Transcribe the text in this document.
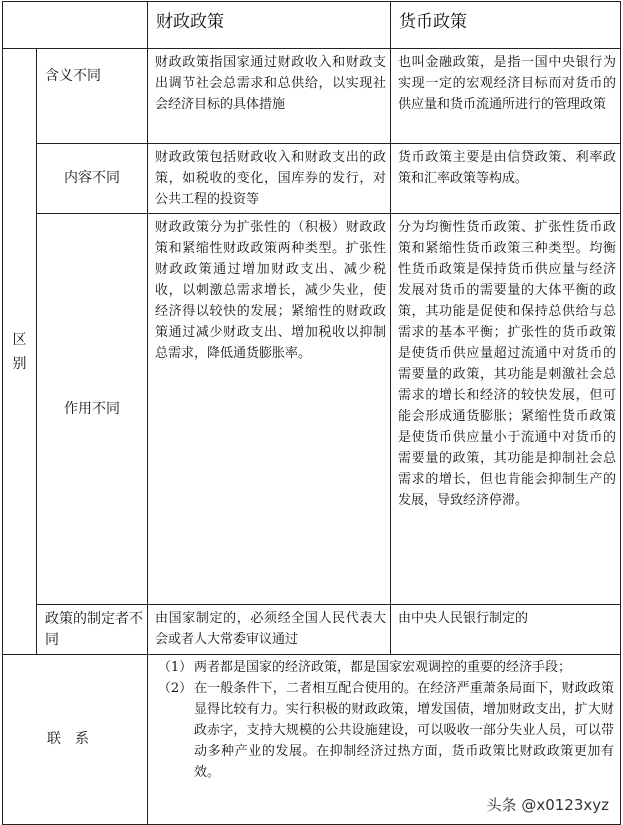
		财政政策	货币政策
区
别	含义不同	财政政策指国家通过财政收入和财政支出调节社会总需求和总供给，以实现社会经济目标的具体措施	也叫金融政策，是指一国中央银行为实现一定的宏观经济目标而对货币的供应量和货币流通所进行的管理政策
	内容不同	财政政策包括财政收入和财政支出的政策，如税收的变化，国库券的发行，对公共工程的投资等	货币政策主要是由信贷政策、利率政策和汇率政策等构成。
	作用不同	财政政策分为扩张性的（积极）财政政策和紧缩性财政政策两种类型。扩张性财政政策通过增加财政支出、减少税收，以刺激总需求增长，减少失业，使经济得以较快的发展；紧缩性的财政政策通过减少财政支出、增加税收以抑制总需求，降低通货膨胀率。	分为均衡性货币政策、扩张性货币政策和紧缩性货币政策三种类型。均衡性货币政策是保持货币供应量与经济发展对货币的需要量的大体平衡的政策，其功能是促使和保持总供给与总需求的基本平衡；扩张性的货币政策是使货币供应量超过流通中对货币的需要量的政策，其功能是刺激社会总需求的增长和经济的较快发展，但可能会形成通货膨胀；紧缩性货币政策是使货币供应量小于流通中对货币的需要量的政策，其功能是抑制社会总需求的增长，但也肯能会抑制生产的发展，导致经济停滞。
	政策的制定者不同	由国家制定的，必须经全国人民代表大会或者人大常委审议通过	由中央人民银行制定的
联系		（1） 两者都是国家的经济政策，都是国家宏观调控的重要的经济手段；
（2） 在一般条件下，二者相互配合使用的。在经济严重萧条局面下，财政政策显得比较有力。实行积极的财政政策，增发国债，增加财政支出，扩大财政赤字，支持大规模的公共设施建设，可以吸收一部分失业人员，可以带动多种产业的发展。在抑制经济过热方面，货币政策比财政政策更加有效。	
头条 @x0123xyz
